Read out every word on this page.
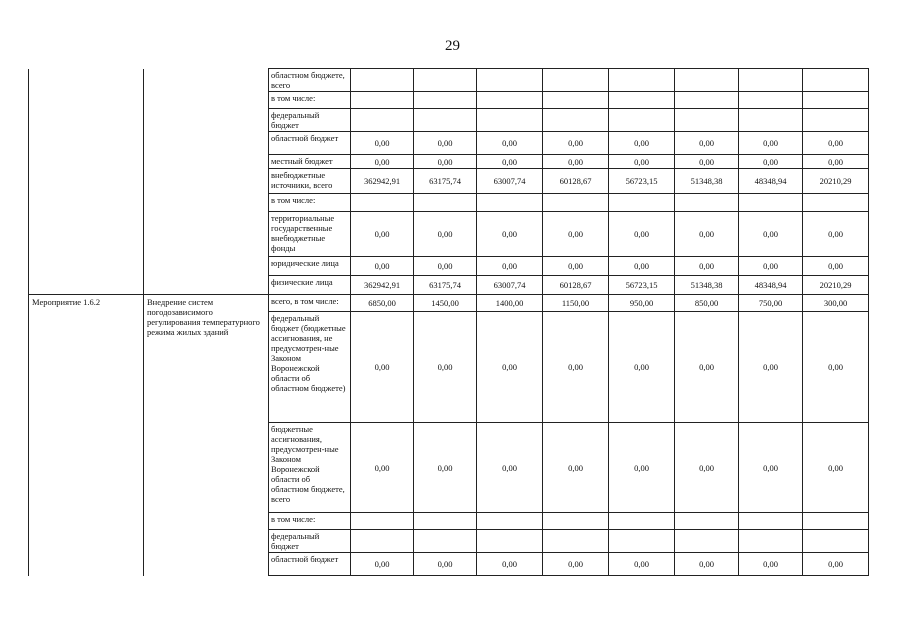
29
		областном бюджете, всего								
		в том числе:								
		федеральный бюджет								
		областной бюджет	0,00	0,00	0,00	0,00	0,00	0,00	0,00	0,00
		местный бюджет	0,00	0,00	0,00	0,00	0,00	0,00	0,00	0,00
		внебюджетные источники, всего	362942,91	63175,74	63007,74	60128,67	56723,15	51348,38	48348,94	20210,29
		в том числе:								
		территориальные государственные внебюджетные фонды	0,00	0,00	0,00	0,00	0,00	0,00	0,00	0,00
		юридические лица	0,00	0,00	0,00	0,00	0,00	0,00	0,00	0,00
		физические лица	362942,91	63175,74	63007,74	60128,67	56723,15	51348,38	48348,94	20210,29
Мероприятие 1.6.2	Внедрение систем погодозависимого регулирования температурного режима жилых зданий	всего, в том числе:	6850,00	1450,00	1400,00	1150,00	950,00	850,00	750,00	300,00
		федеральный бюджет (бюджетные ассигнования, не предусмотрен-ные Законом Воронежской области об областном бюджете)	0,00	0,00	0,00	0,00	0,00	0,00	0,00	0,00
		бюджетные ассигнования, предусмотрен-ные Законом Воронежской области об областном бюджете, всего	0,00	0,00	0,00	0,00	0,00	0,00	0,00	0,00
		в том числе:								
		федеральный бюджет								
		областной бюджет	0,00	0,00	0,00	0,00	0,00	0,00	0,00	0,00
